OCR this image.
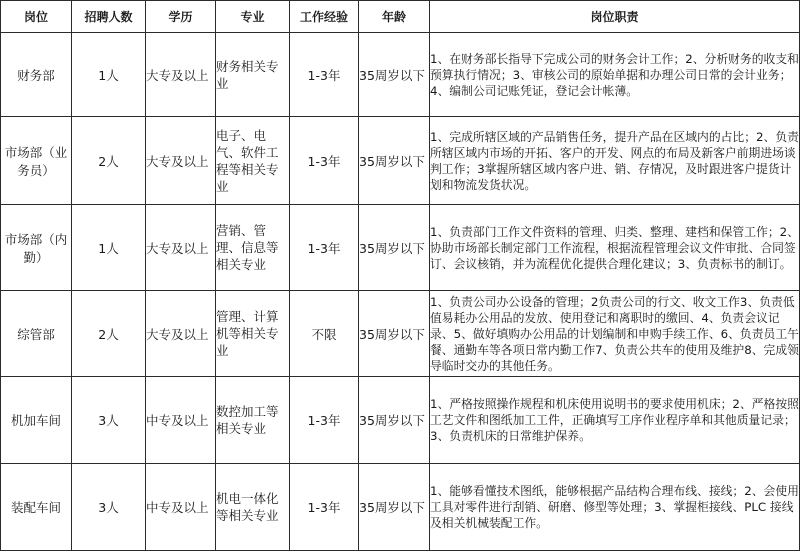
岗位	招聘人数	学历	专业	工作经验	年龄	岗位职责
财务部	1人	大专及以上	财务相关专业	1-3年	35周岁以下	1、在财务部长指导下完成公司的财务会计工作；2、分析财务的收支和预算执行情况；3、审核公司的原始单据和办理公司日常的会计业务；4、编制公司记账凭证，登记会计帐薄。
市场部（业务员）	2人	大专及以上	电子、电气、软件工程等相关专业	1-3年	35周岁以下	1、完成所辖区域的产品销售任务，提升产品在区域内的占比；2、负责所辖区域内市场的开拓、客户的开发、网点的布局及新客户前期进场谈判工作；3掌握所辖区域内客户进、销、存情况，及时跟进客户提货计划和物流发货状况。
市场部（内勤）	1人	大专及以上	营销、管理、信息等相关专业	1-3年	35周岁以下	1、负责部门工作文件资料的管理、归类、整理、建档和保管工作；2、协助市场部长制定部门工作流程，根据流程管理会议文件审批、合同签订、会议核销，并为流程优化提供合理化建议；3、负责标书的制订。
综管部	2人	大专及以上	管理、计算机等相关专业	不限	35周岁以下	1、负责公司办公设备的管理；2负责公司的行文、收文工作3、负责低值易耗办公用品的发放、使用登记和离职时的缴回、4、负责会议记录、5、做好填购办公用品的计划编制和申购手续工作、6、负责员工午餐、通勤车等各项日常内勤工作7、负责公共车的使用及维护8、完成领导临时交办的其他任务。
机加车间	3人	中专及以上	数控加工等相关专业	1-3年	35周岁以下	1、严格按照操作规程和机床使用说明书的要求使用机床；2、严格按照工艺文件和图纸加工工件，正确填写工序作业程序单和其他质量记录；3、负责机床的日常维护保养。
装配车间	3人	中专及以上	机电一体化等相关专业	1-3年	35周岁以下	1、能够看懂技术图纸，能够根据产品结构合理布线、接线；2、会使用工具对零件进行刮销、研磨、修型等处理；3、掌握柜接线、PLC 接线及相关机械装配工作。
